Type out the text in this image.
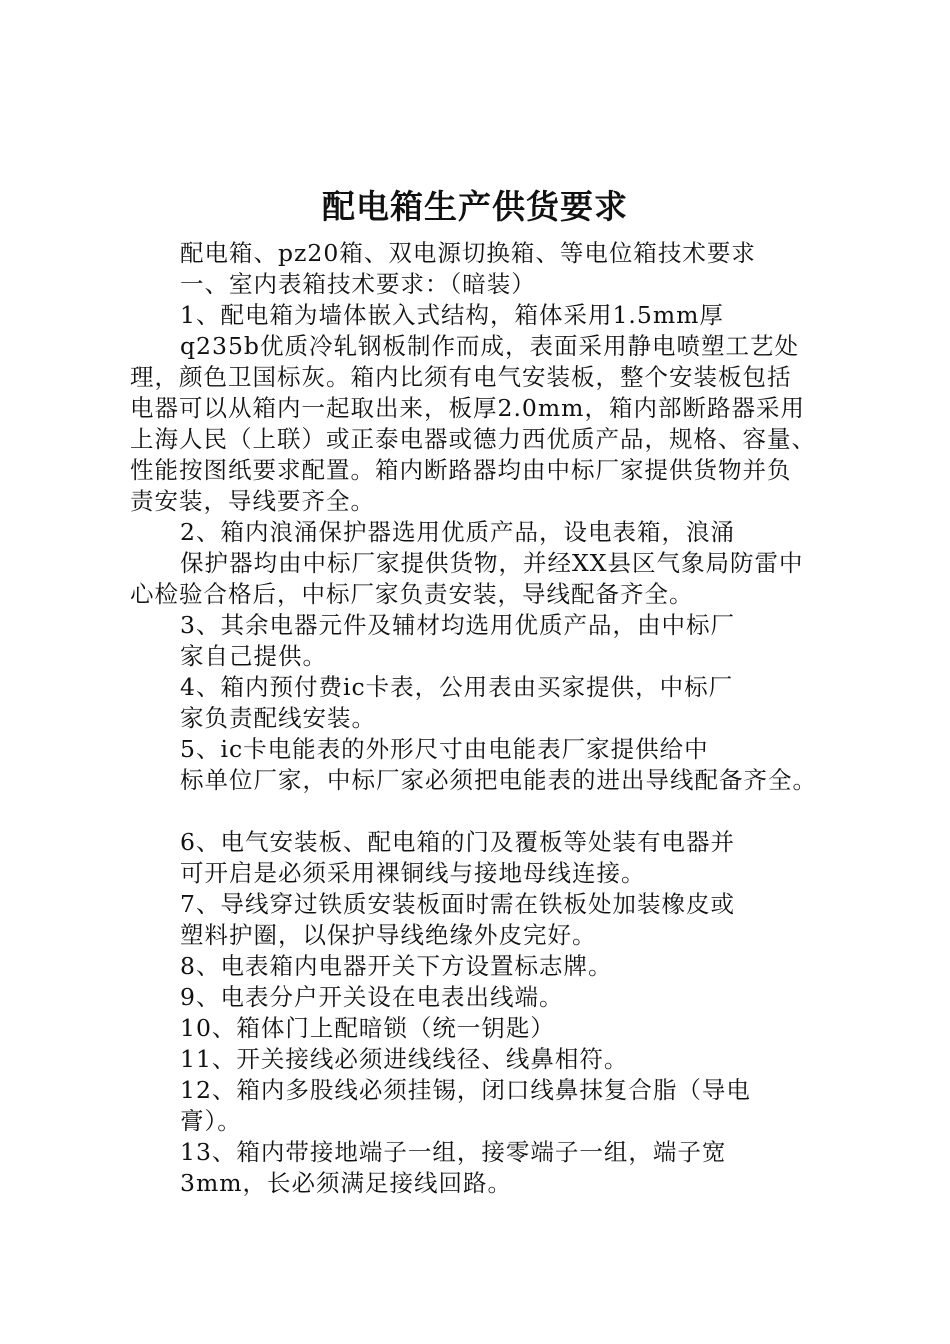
配电箱生产供货要求
配电箱、pz20箱、双电源切换箱、等电位箱技术要求
一、室内表箱技术要求：（暗装）
1、配电箱为墙体嵌入式结构，箱体采用1.5mm厚
q235b优质冷轧钢板制作而成，表面采用静电喷塑工艺处
理，颜色卫国标灰。箱内比须有电气安装板，整个安装板包括
电器可以从箱内一起取出来，板厚2.0mm，箱内部断路器采用
上海人民（上联）或正泰电器或德力西优质产品，规格、容量、
性能按图纸要求配置。箱内断路器均由中标厂家提供货物并负
责安装，导线要齐全。
2、箱内浪涌保护器选用优质产品，设电表箱，浪涌
保护器均由中标厂家提供货物，并经XX县区气象局防雷中
心检验合格后，中标厂家负责安装，导线配备齐全。
3、其余电器元件及辅材均选用优质产品，由中标厂
家自己提供。
4、箱内预付费ic卡表，公用表由买家提供，中标厂
家负责配线安装。
5、ic卡电能表的外形尺寸由电能表厂家提供给中
标单位厂家，中标厂家必须把电能表的进出导线配备齐全。
6、电气安装板、配电箱的门及覆板等处装有电器并
可开启是必须采用裸铜线与接地母线连接。
7、导线穿过铁质安装板面时需在铁板处加装橡皮或
塑料护圈，以保护导线绝缘外皮完好。
8、电表箱内电器开关下方设置标志牌。
9、电表分户开关设在电表出线端。
10、箱体门上配暗锁（统一钥匙）
11、开关接线必须进线线径、线鼻相符。
12、箱内多股线必须挂锡，闭口线鼻抹复合脂（导电
膏）。
13、箱内带接地端子一组，接零端子一组，端子宽
3mm，长必须满足接线回路。
